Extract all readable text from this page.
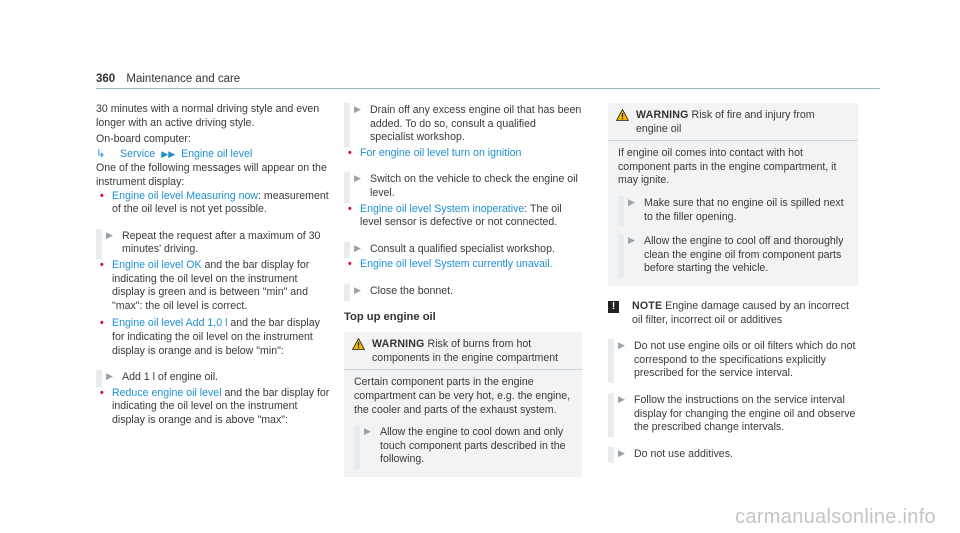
360 Maintenance and care

30 minutes with a normal driving style and even longer with an active driving style.

On-board computer:

↳ Service ▶▶ Engine oil level

One of the following messages will appear on the instrument display:

• Engine oil level Measuring now: measurement of the oil level is not yet possible.
▶ Repeat the request after a maximum of 30 minutes' driving.
• Engine oil level OK and the bar display for indicating the oil level on the instrument display is green and is between "min" and "max": the oil level is correct.
• Engine oil level Add 1,0 l and the bar display for indicating the oil level on the instrument display is orange and is below "min":
▶ Add 1 l of engine oil.
• Reduce engine oil level and the bar display for indicating the oil level on the instrument display is orange and is above "max":
▶ Drain off any excess engine oil that has been added. To do so, consult a qualified specialist workshop.
• For engine oil level turn on ignition
▶ Switch on the vehicle to check the engine oil level.
• Engine oil level System inoperative: The oil level sensor is defective or not connected.
▶ Consult a qualified specialist workshop.
• Engine oil level System currently unavail.
▶ Close the bonnet.
Top up engine oil
WARNING Risk of burns from hot components in the engine compartment

Certain component parts in the engine compartment can be very hot, e.g. the engine, the cooler and parts of the exhaust system.

▶ Allow the engine to cool down and only touch component parts described in the following.
WARNING Risk of fire and injury from engine oil

If engine oil comes into contact with hot component parts in the engine compartment, it may ignite.

▶ Make sure that no engine oil is spilled next to the filler opening.
▶ Allow the engine to cool off and thoroughly clean the engine oil from component parts before starting the vehicle.
!	NOTE Engine damage caused by an incorrect oil filter, incorrect oil or additives
▶ Do not use engine oils or oil filters which do not correspond to the specifications explicitly prescribed for the service interval.
▶ Follow the instructions on the service interval display for changing the engine oil and observe the prescribed change intervals.
▶ Do not use additives.
carmanualsonline.info
